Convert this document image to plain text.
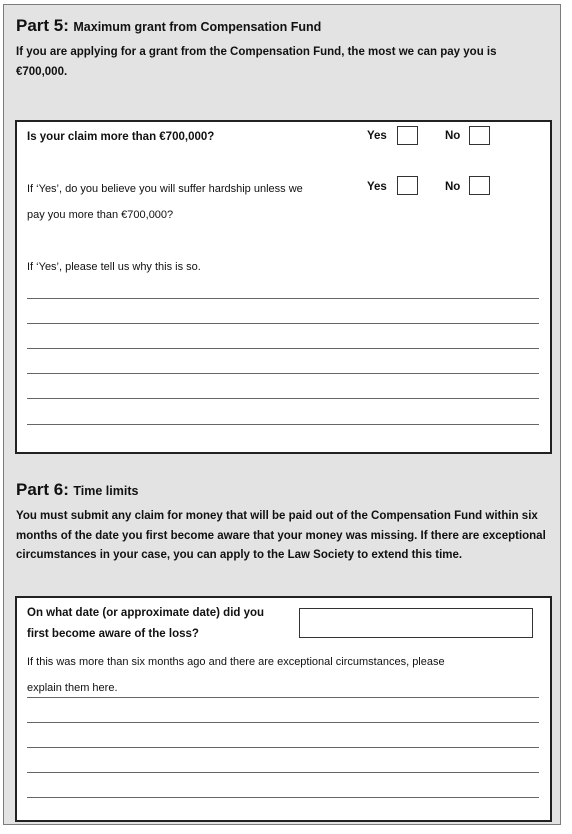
Part 5: Maximum grant from Compensation Fund
If you are applying for a grant from the Compensation Fund, the most we can pay you is €700,000.
Is your claim more than €700,000?	Yes	No
If ‘Yes’, do you believe you will suffer hardship unless we
pay you more than €700,000?
Yes	No
If ‘Yes’, please tell us why this is so.
Part 6: Time limits
You must submit any claim for money that will be paid out of the Compensation Fund within six months of the date you first become aware that your money was missing. If there are exceptional circumstances in your case, you can apply to the Law Society to extend this time.
On what date (or approximate date) did you
first become aware of the loss?
If this was more than six months ago and there are exceptional circumstances, please
explain them here.
